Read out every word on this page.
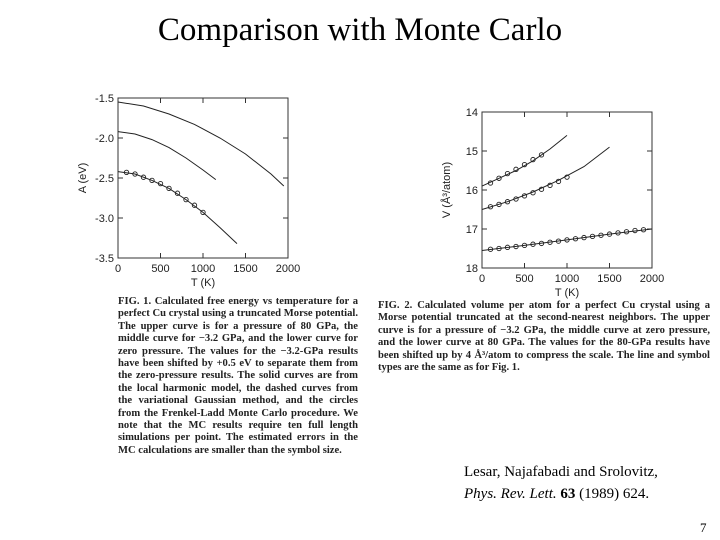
Comparison with Monte Carlo
0	500 1000 1500 2000
-1.5
-2.0
-2.5
-3.0
-3.5
T (K)
A (eV)
0	500 1000 1500 2000
14
15
16
17
18
T (K)
V (Å³/atom)
FIG. 1. Calculated free energy vs temperature for a perfect Cu crystal using a truncated Morse potential. The upper curve is for a pressure of 80 GPa, the middle curve for −3.2 GPa, and the lower curve for zero pressure. The values for the −3.2-GPa results have been shifted by +0.5 eV to separate them from the zero-pressure results. The solid curves are from the local harmonic model, the dashed curves from the variational Gaussian method, and the circles from the Frenkel-Ladd Monte Carlo procedure. We note that the MC results require ten full length simulations per point. The estimated errors in the MC calculations are smaller than the symbol size.
FIG. 2. Calculated volume per atom for a perfect Cu crystal using a Morse potential truncated at the second-nearest neighbors. The upper curve is for a pressure of −3.2 GPa, the middle curve at zero pressure, and the lower curve at 80 GPa. The values for the 80-GPa results have been shifted up by 4 Å³/atom to compress the scale. The line and symbol types are the same as for Fig. 1.
Lesar, Najafabadi and Srolovitz,
Phys. Rev. Lett. 63 (1989) 624.
7
